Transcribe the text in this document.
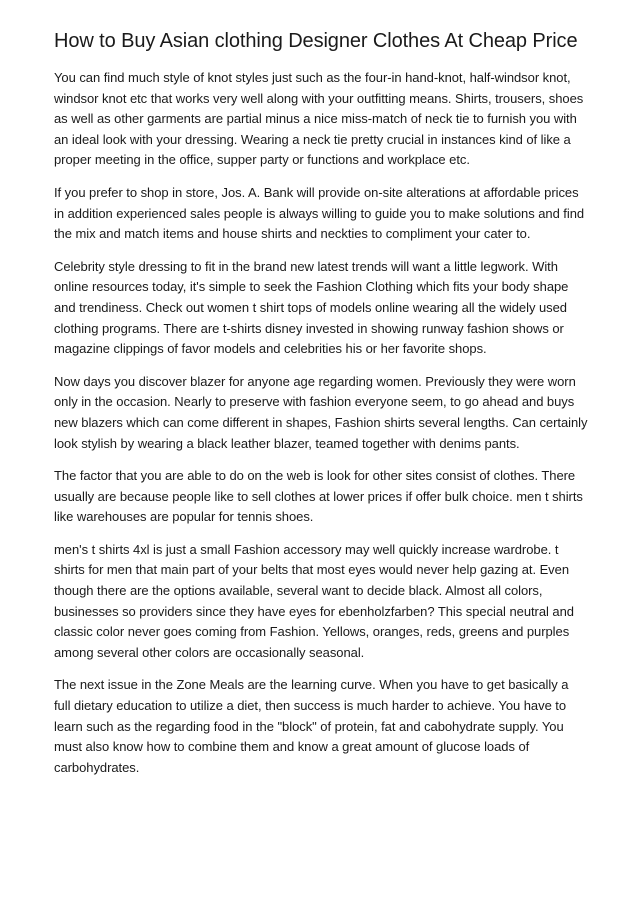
How to Buy Asian clothing Designer Clothes At Cheap Price

You can find much style of knot styles just such as the four-in hand-knot, half-windsor knot, windsor knot etc that works very well along with your outfitting means. Shirts, trousers, shoes as well as other garments are partial minus a nice miss-match of neck tie to furnish you with an ideal look with your dressing. Wearing a neck tie pretty crucial in instances kind of like a proper meeting in the office, supper party or functions and workplace etc.

If you prefer to shop in store, Jos. A. Bank will provide on-site alterations at affordable prices in addition experienced sales people is always willing to guide you to make solutions and find the mix and match items and house shirts and neckties to compliment your cater to.

Celebrity style dressing to fit in the brand new latest trends will want a little legwork. With online resources today, it's simple to seek the Fashion Clothing which fits your body shape and trendiness. Check out women t shirt tops of models online wearing all the widely used clothing programs. There are t-shirts disney invested in showing runway fashion shows or magazine clippings of favor models and celebrities his or her favorite shops.

Now days you discover blazer for anyone age regarding women. Previously they were worn only in the occasion. Nearly to preserve with fashion everyone seem, to go ahead and buys new blazers which can come different in shapes, Fashion shirts several lengths. Can certainly look stylish by wearing a black leather blazer, teamed together with denims pants.

The factor that you are able to do on the web is look for other sites consist of clothes. There usually are because people like to sell clothes at lower prices if offer bulk choice. men t shirts like warehouses are popular for tennis shoes.

men's t shirts 4xl is just a small Fashion accessory may well quickly increase wardrobe. t shirts for men that main part of your belts that most eyes would never help gazing at. Even though there are the options available, several want to decide black. Almost all colors, businesses so providers since they have eyes for ebenholzfarben? This special neutral and classic color never goes coming from Fashion. Yellows, oranges, reds, greens and purples among several other colors are occasionally seasonal.

The next issue in the Zone Meals are the learning curve. When you have to get basically a full dietary education to utilize a diet, then success is much harder to achieve. You have to learn such as the regarding food in the "block" of protein, fat and cabohydrate supply. You must also know how to combine them and know a great amount of glucose loads of carbohydrates.
